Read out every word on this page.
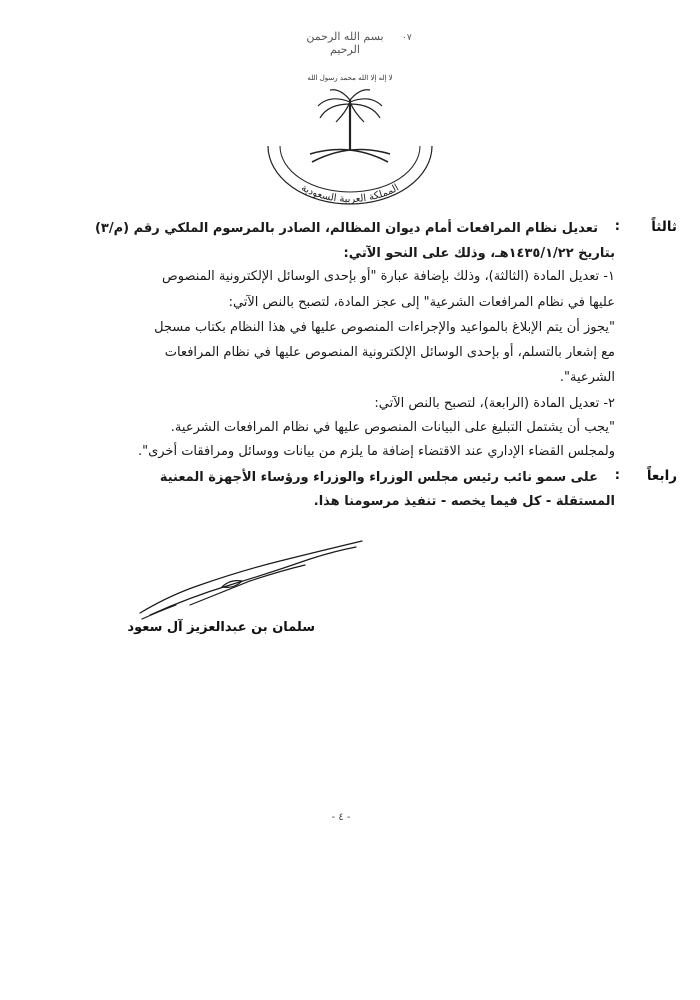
بسم الله الرحمن الرحيم
٠٧
لا إله إلا الله محمد رسول الله
المملكة العربية السعودية
ثالثاً
:
تعديل نظام المرافعات أمام ديوان المظالم، الصادر بالمرسوم الملكي رقم (م/٣)
بتاريخ ١٤٣٥/١/٢٢هـ، وذلك على النحو الآتي:
١- تعديل المادة (الثالثة)، وذلك بإضافة عبارة "أو بإحدى الوسائل الإلكترونية المنصوص
عليها في نظام المرافعات الشرعية" إلى عجز المادة، لتصبح بالنص الآتي:
"يجوز أن يتم الإبلاغ بالمواعيد والإجراءات المنصوص عليها في هذا النظام بكتاب مسجل
مع إشعار بالتسلم، أو بإحدى الوسائل الإلكترونية المنصوص عليها في نظام المرافعات
الشرعية".
٢- تعديل المادة (الرابعة)، لتصبح بالنص الآتي:
"يجب أن يشتمل التبليغ على البيانات المنصوص عليها في نظام المرافعات الشرعية.
ولمجلس القضاء الإداري عند الاقتضاء إضافة ما يلزم من بيانات ووسائل ومرافقات أخرى".
رابعاً
:
على سمو نائب رئيس مجلس الوزراء والوزراء ورؤساء الأجهزة المعنية
المستقلة - كل فيما يخصه - تنفيذ مرسومنا هذا.
سلمان بن عبدالعزيز آل سعود
- ٤ -
